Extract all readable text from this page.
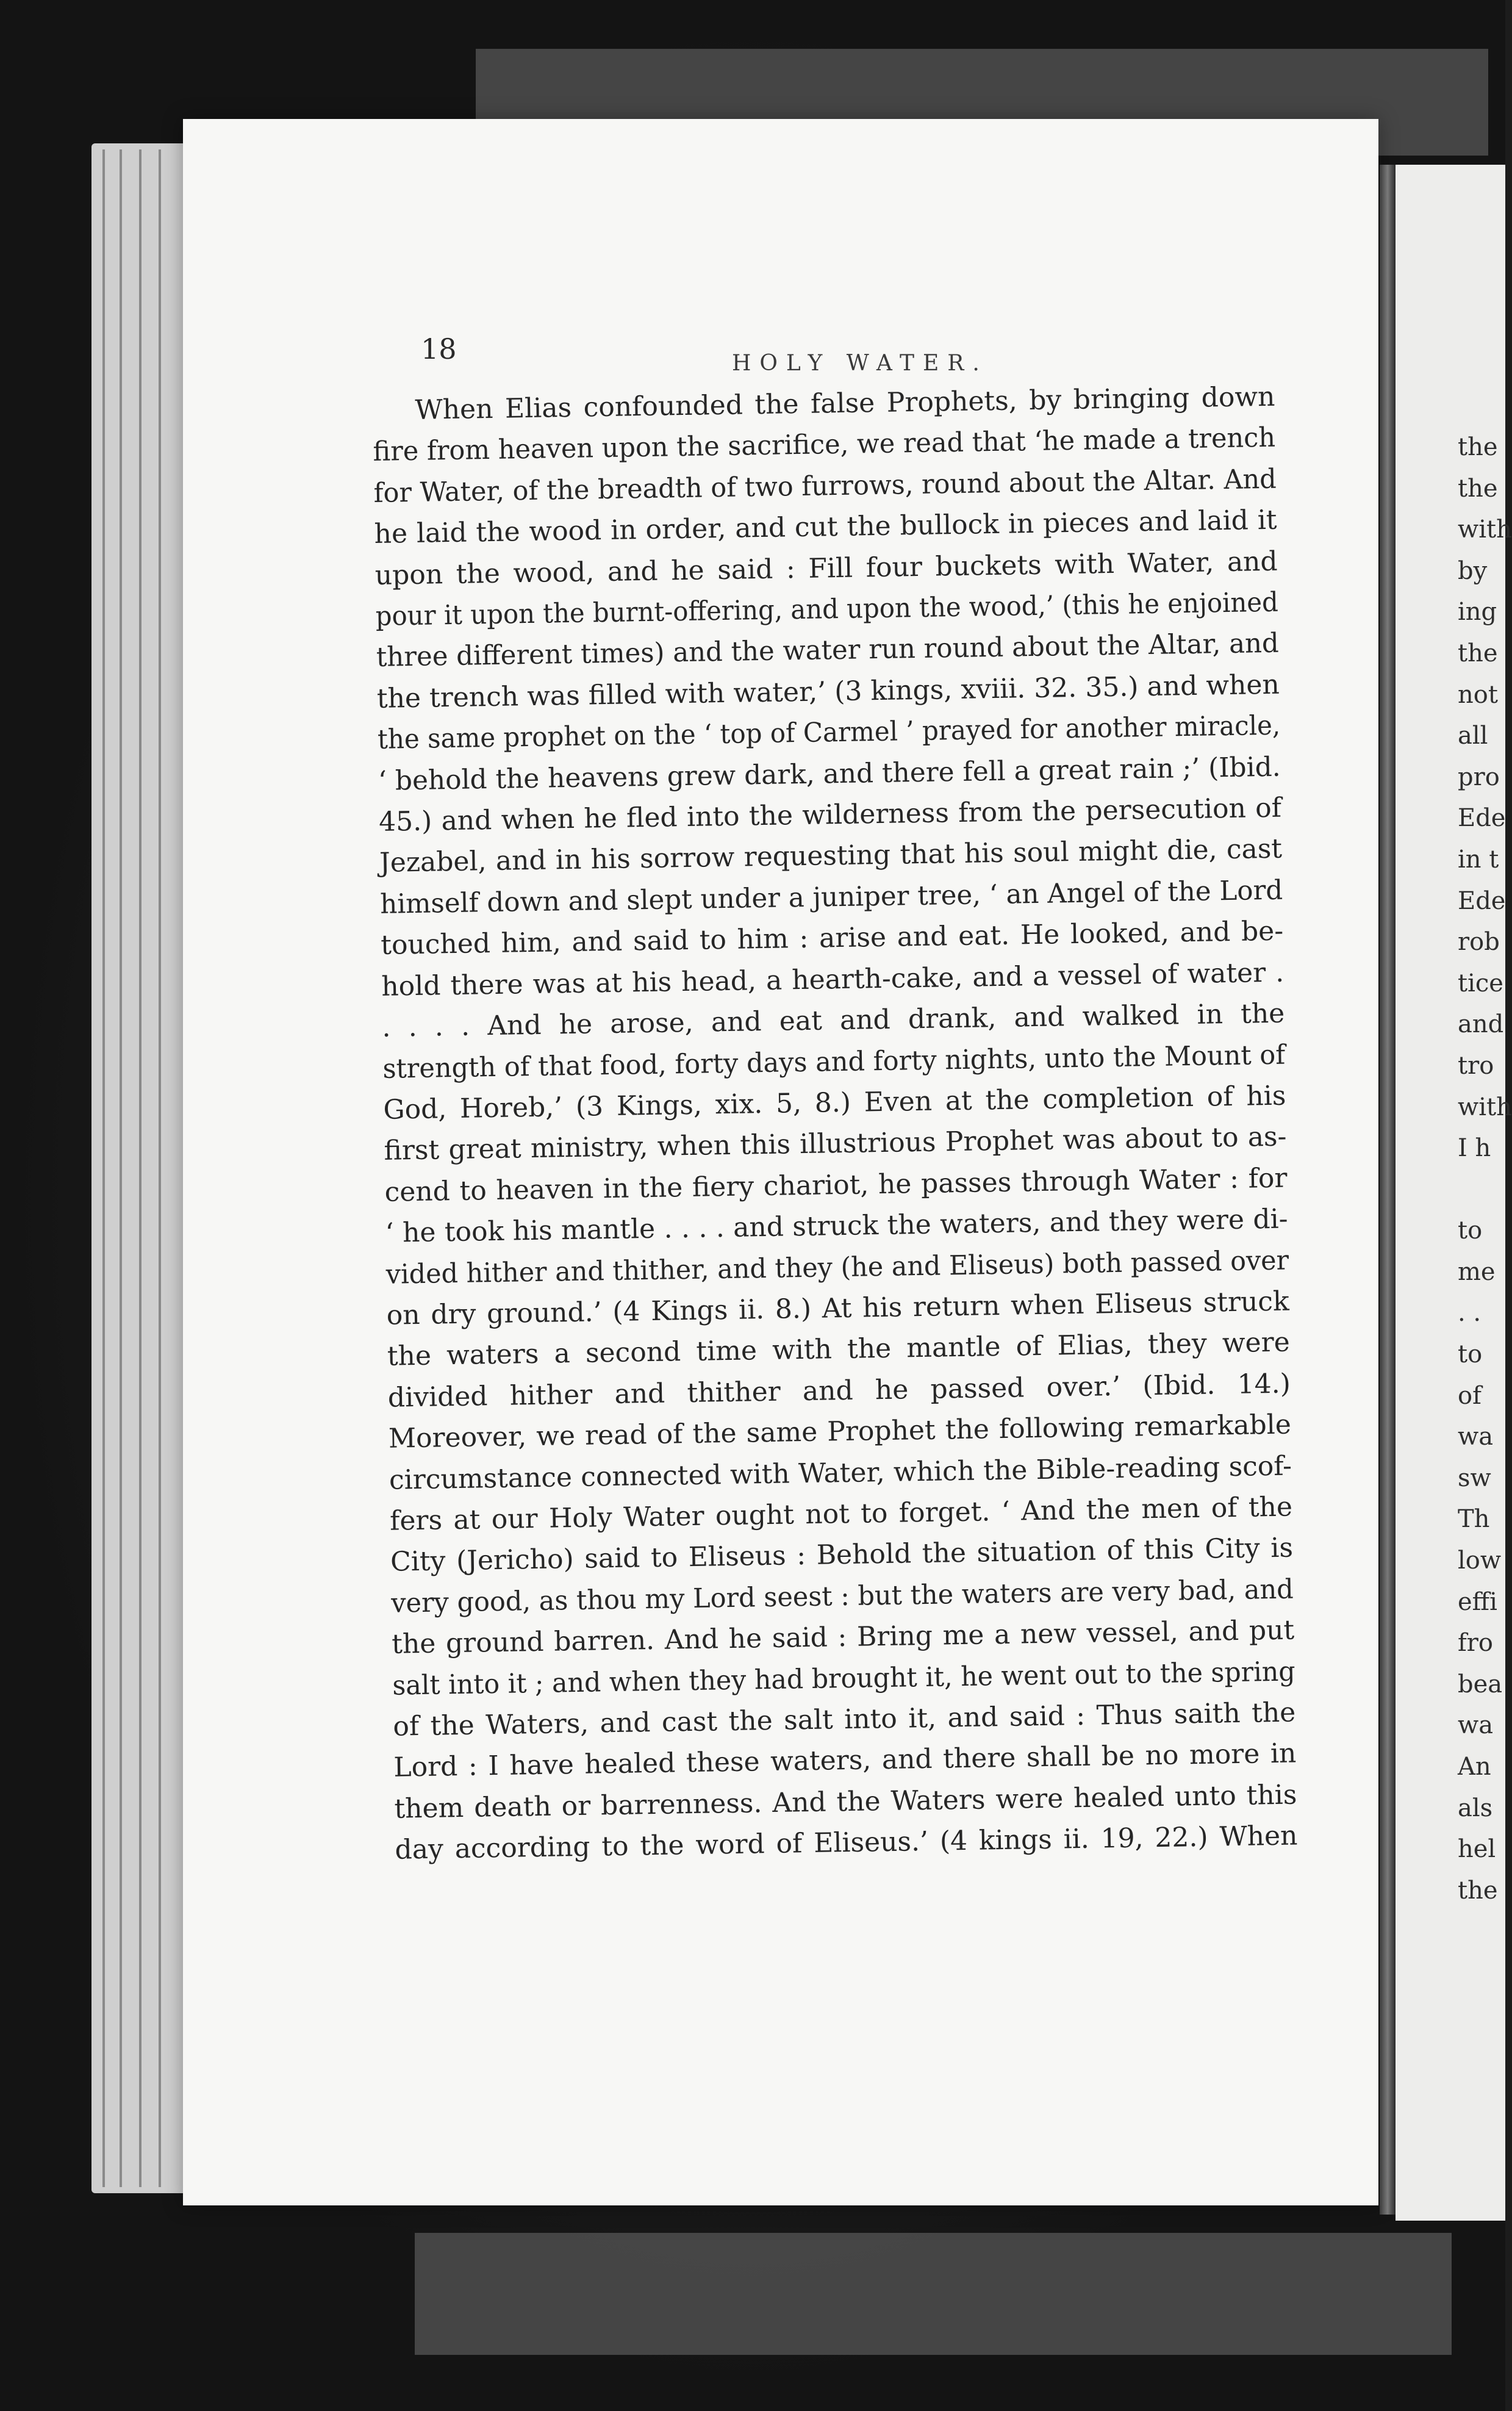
18	HOLY WATER.
When Elias confounded the false Prophets, by bringing down
fire from heaven upon the sacrifice, we read that ‘he made a trench
for Water, of the breadth of two furrows, round about the Altar. And
he laid the wood in order, and cut the bullock in pieces and laid it
upon the wood, and he said : Fill four buckets with Water, and
pour it upon the burnt-offering, and upon the wood,’ (this he enjoined
three different times) and the water run round about the Altar, and
the trench was filled with water,’ (3 kings, xviii. 32. 35.) and when
the same prophet on the ‘ top of Carmel ’ prayed for another miracle,
‘ behold the heavens grew dark, and there fell a great rain ;’ (Ibid.
45.) and when he fled into the wilderness from the persecution of
Jezabel, and in his sorrow requesting that his soul might die, cast
himself down and slept under a juniper tree, ‘ an Angel of the Lord
touched him, and said to him : arise and eat. He looked, and be-
hold there was at his head, a hearth-cake, and a vessel of water .
. . . . And he arose, and eat and drank, and walked in the
strength of that food, forty days and forty nights, unto the Mount of
God, Horeb,’ (3 Kings, xix. 5, 8.) Even at the completion of his
first great ministry, when this illustrious Prophet was about to as-
cend to heaven in the fiery chariot, he passes through Water : for
‘ he took his mantle . . . . and struck the waters, and they were di-
vided hither and thither, and they (he and Eliseus) both passed over
on dry ground.’ (4 Kings ii. 8.) At his return when Eliseus struck
the waters a second time with the mantle of Elias, they were
divided hither and thither and he passed over.’ (Ibid. 14.)
Moreover, we read of the same Prophet the following remarkable
circumstance connected with Water, which the Bible-reading scof-
fers at our Holy Water ought not to forget. ‘ And the men of the
City (Jericho) said to Eliseus : Behold the situation of this City is
very good, as thou my Lord seest : but the waters are very bad, and
the ground barren. And he said : Bring me a new vessel, and put
salt into it ; and when they had brought it, he went out to the spring
of the Waters, and cast the salt into it, and said : Thus saith the
Lord : I have healed these waters, and there shall be no more in
them death or barrenness. And the Waters were healed unto this
day according to the word of Eliseus.’ (4 kings ii. 19, 22.) When
the
the
with
by
ing
the
not
all
pro
Ede
in t
Ede
rob
tice
and
tro
with
I h
to
me
. .
to
of
wa
sw
Th
low
effi
fro
bea
wa
An
als
hel
the
